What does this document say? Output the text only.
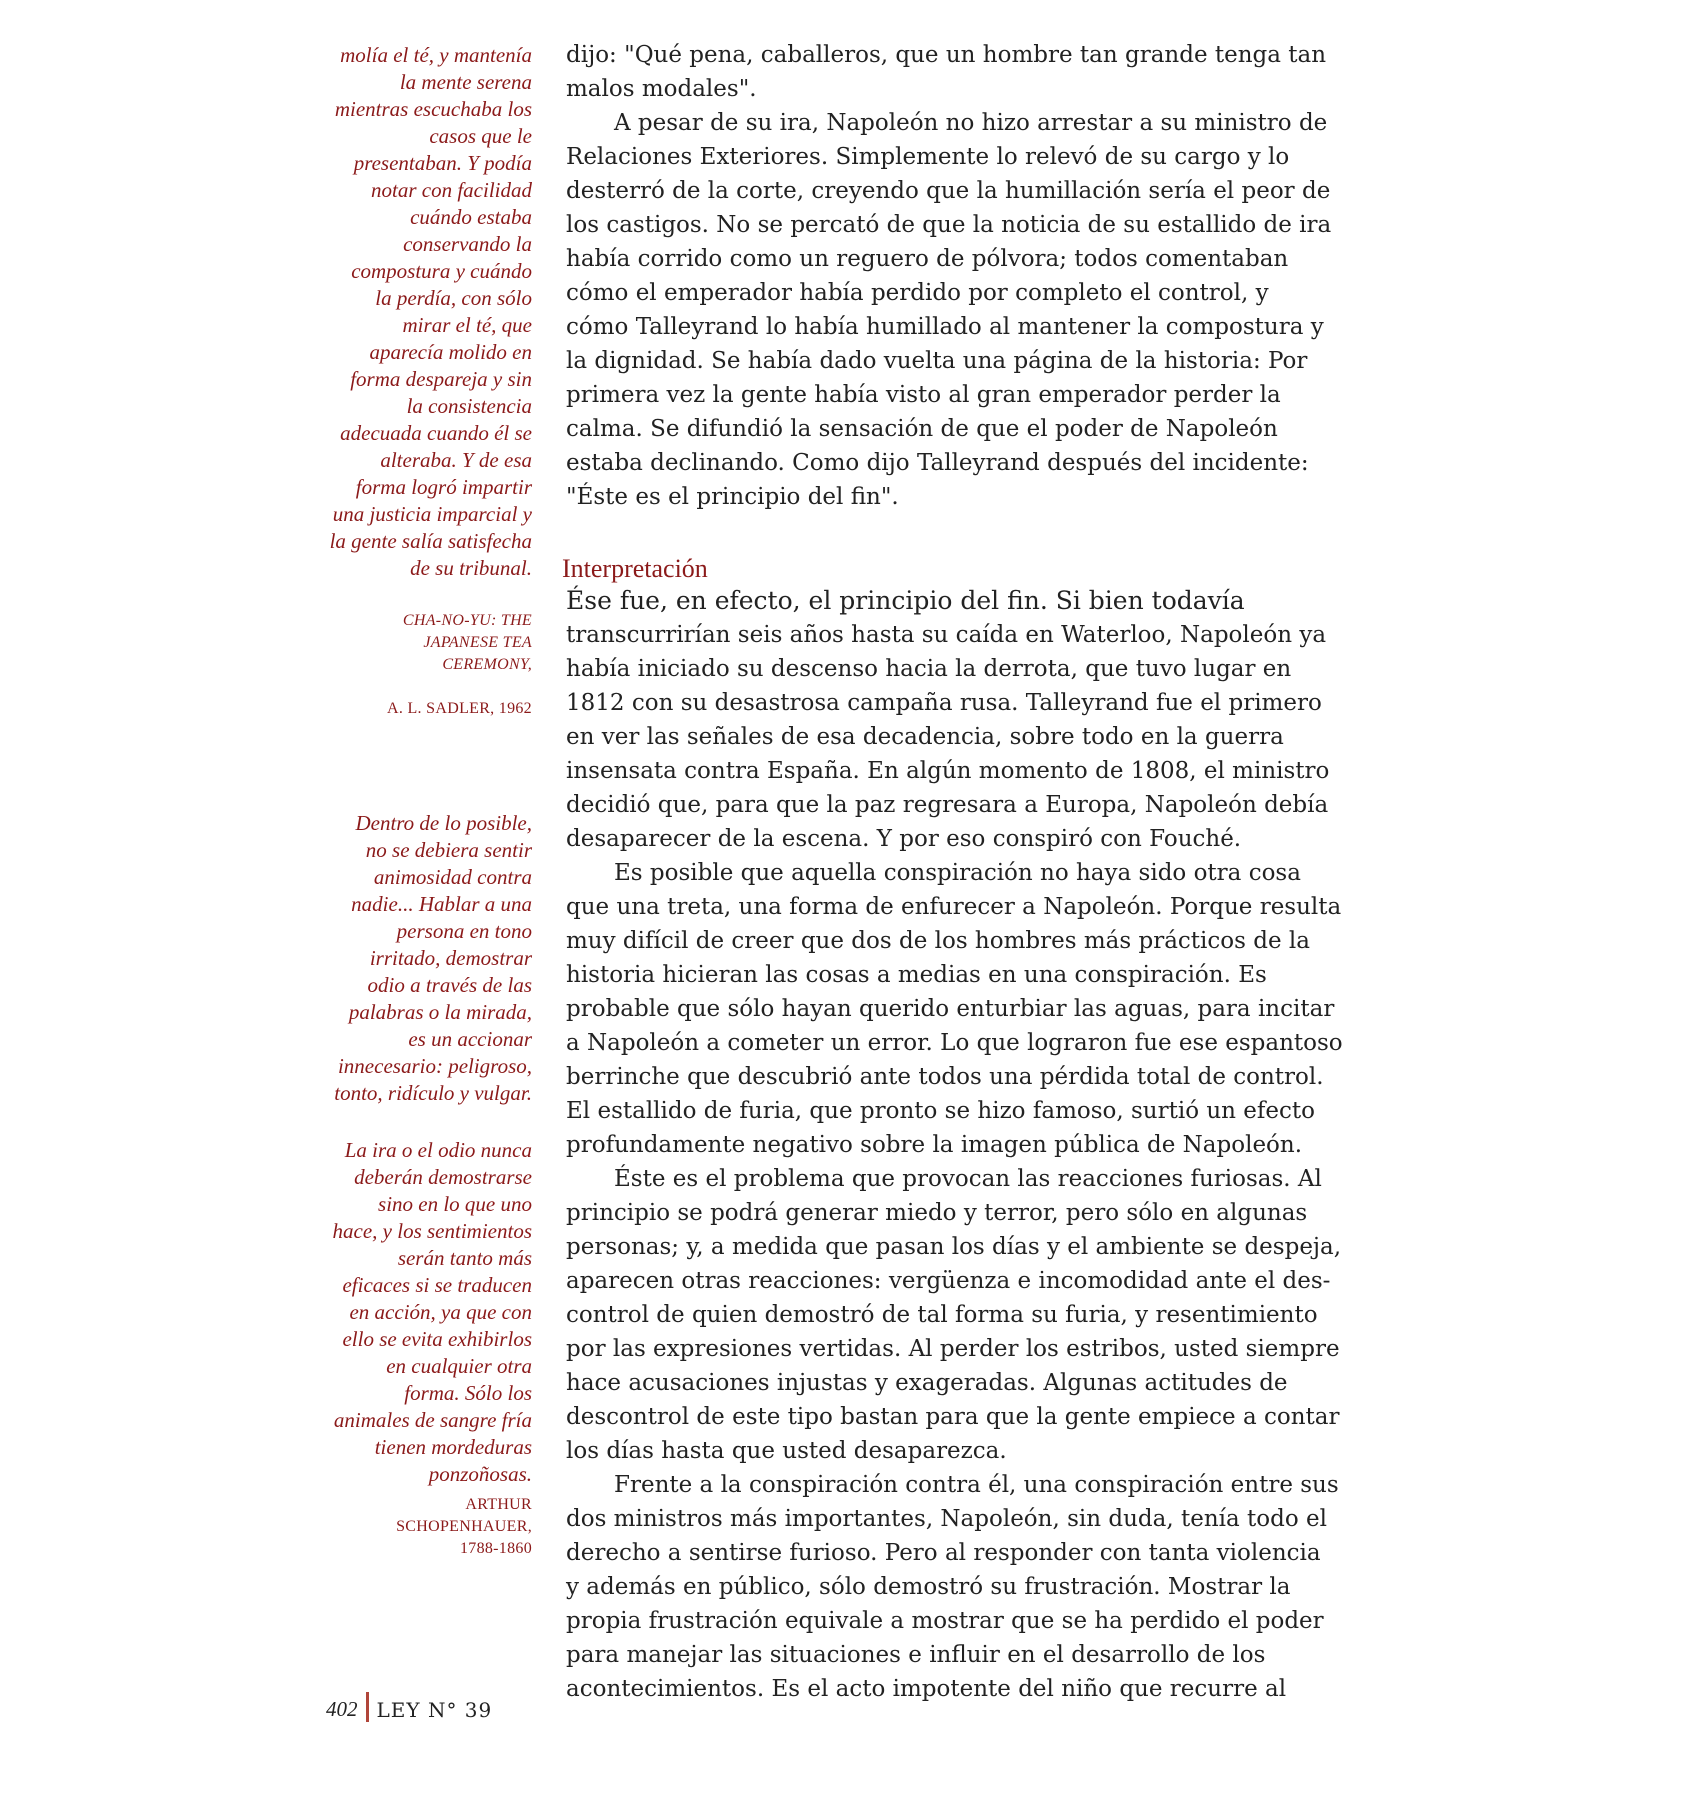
molía el té, y mantenía
la mente serena
mientras escuchaba los
casos que le
presentaban. Y podía
notar con facilidad
cuándo estaba
conservando la
compostura y cuándo
la perdía, con sólo
mirar el té, que
aparecía molido en
forma despareja y sin
la consistencia
adecuada cuando él se
alteraba. Y de esa
forma logró impartir
una justicia imparcial y
la gente salía satisfecha
de su tribunal.

CHA-NO-YU: THE
JAPANESE TEA
CEREMONY,

A. L. SADLER, 1962

Dentro de lo posible,
no se debiera sentir
animosidad contra
nadie... Hablar a una
persona en tono
irritado, demostrar
odio a través de las
palabras o la mirada,
es un accionar
innecesario: peligroso,
tonto, ridículo y vulgar.

La ira o el odio nunca
deberán demostrarse
sino en lo que uno
hace, y los sentimientos
serán tanto más
eficaces si se traducen
en acción, ya que con
ello se evita exhibirlos
en cualquier otra
forma. Sólo los
animales de sangre fría
tienen mordeduras
ponzoñosas.

ARTHUR
SCHOPENHAUER,
1788-1860
dijo: "Qué pena, caballeros, que un hombre tan grande tenga tan
malos modales".
A pesar de su ira, Napoleón no hizo arrestar a su ministro de
Relaciones Exteriores. Simplemente lo relevó de su cargo y lo
desterró de la corte, creyendo que la humillación sería el peor de
los castigos. No se percató de que la noticia de su estallido de ira
había corrido como un reguero de pólvora; todos comentaban
cómo el emperador había perdido por completo el control, y
cómo Talleyrand lo había humillado al mantener la compostura y
la dignidad. Se había dado vuelta una página de la historia: Por
primera vez la gente había visto al gran emperador perder la
calma. Se difundió la sensación de que el poder de Napoleón
estaba declinando. Como dijo Talleyrand después del incidente:
"Éste es el principio del fin".
Interpretación
Ése fue, en efecto, el principio del fin. Si bien todavía
transcurrirían seis años hasta su caída en Waterloo, Napoleón ya
había iniciado su descenso hacia la derrota, que tuvo lugar en
1812 con su desastrosa campaña rusa. Talleyrand fue el primero
en ver las señales de esa decadencia, sobre todo en la guerra
insensata contra España. En algún momento de 1808, el ministro
decidió que, para que la paz regresara a Europa, Napoleón debía
desaparecer de la escena. Y por eso conspiró con Fouché.
Es posible que aquella conspiración no haya sido otra cosa
que una treta, una forma de enfurecer a Napoleón. Porque resulta
muy difícil de creer que dos de los hombres más prácticos de la
historia hicieran las cosas a medias en una conspiración. Es
probable que sólo hayan querido enturbiar las aguas, para incitar
a Napoleón a cometer un error. Lo que lograron fue ese espantoso
berrinche que descubrió ante todos una pérdida total de control.
El estallido de furia, que pronto se hizo famoso, surtió un efecto
profundamente negativo sobre la imagen pública de Napoleón.
Éste es el problema que provocan las reacciones furiosas. Al
principio se podrá generar miedo y terror, pero sólo en algunas
personas; y, a medida que pasan los días y el ambiente se despeja,
aparecen otras reacciones: vergüenza e incomodidad ante el des-
control de quien demostró de tal forma su furia, y resentimiento
por las expresiones vertidas. Al perder los estribos, usted siempre
hace acusaciones injustas y exageradas. Algunas actitudes de
descontrol de este tipo bastan para que la gente empiece a contar
los días hasta que usted desaparezca.
Frente a la conspiración contra él, una conspiración entre sus
dos ministros más importantes, Napoleón, sin duda, tenía todo el
derecho a sentirse furioso. Pero al responder con tanta violencia
y además en público, sólo demostró su frustración. Mostrar la
propia frustración equivale a mostrar que se ha perdido el poder
para manejar las situaciones e influir en el desarrollo de los
acontecimientos. Es el acto impotente del niño que recurre al
402 LEY N° 39
